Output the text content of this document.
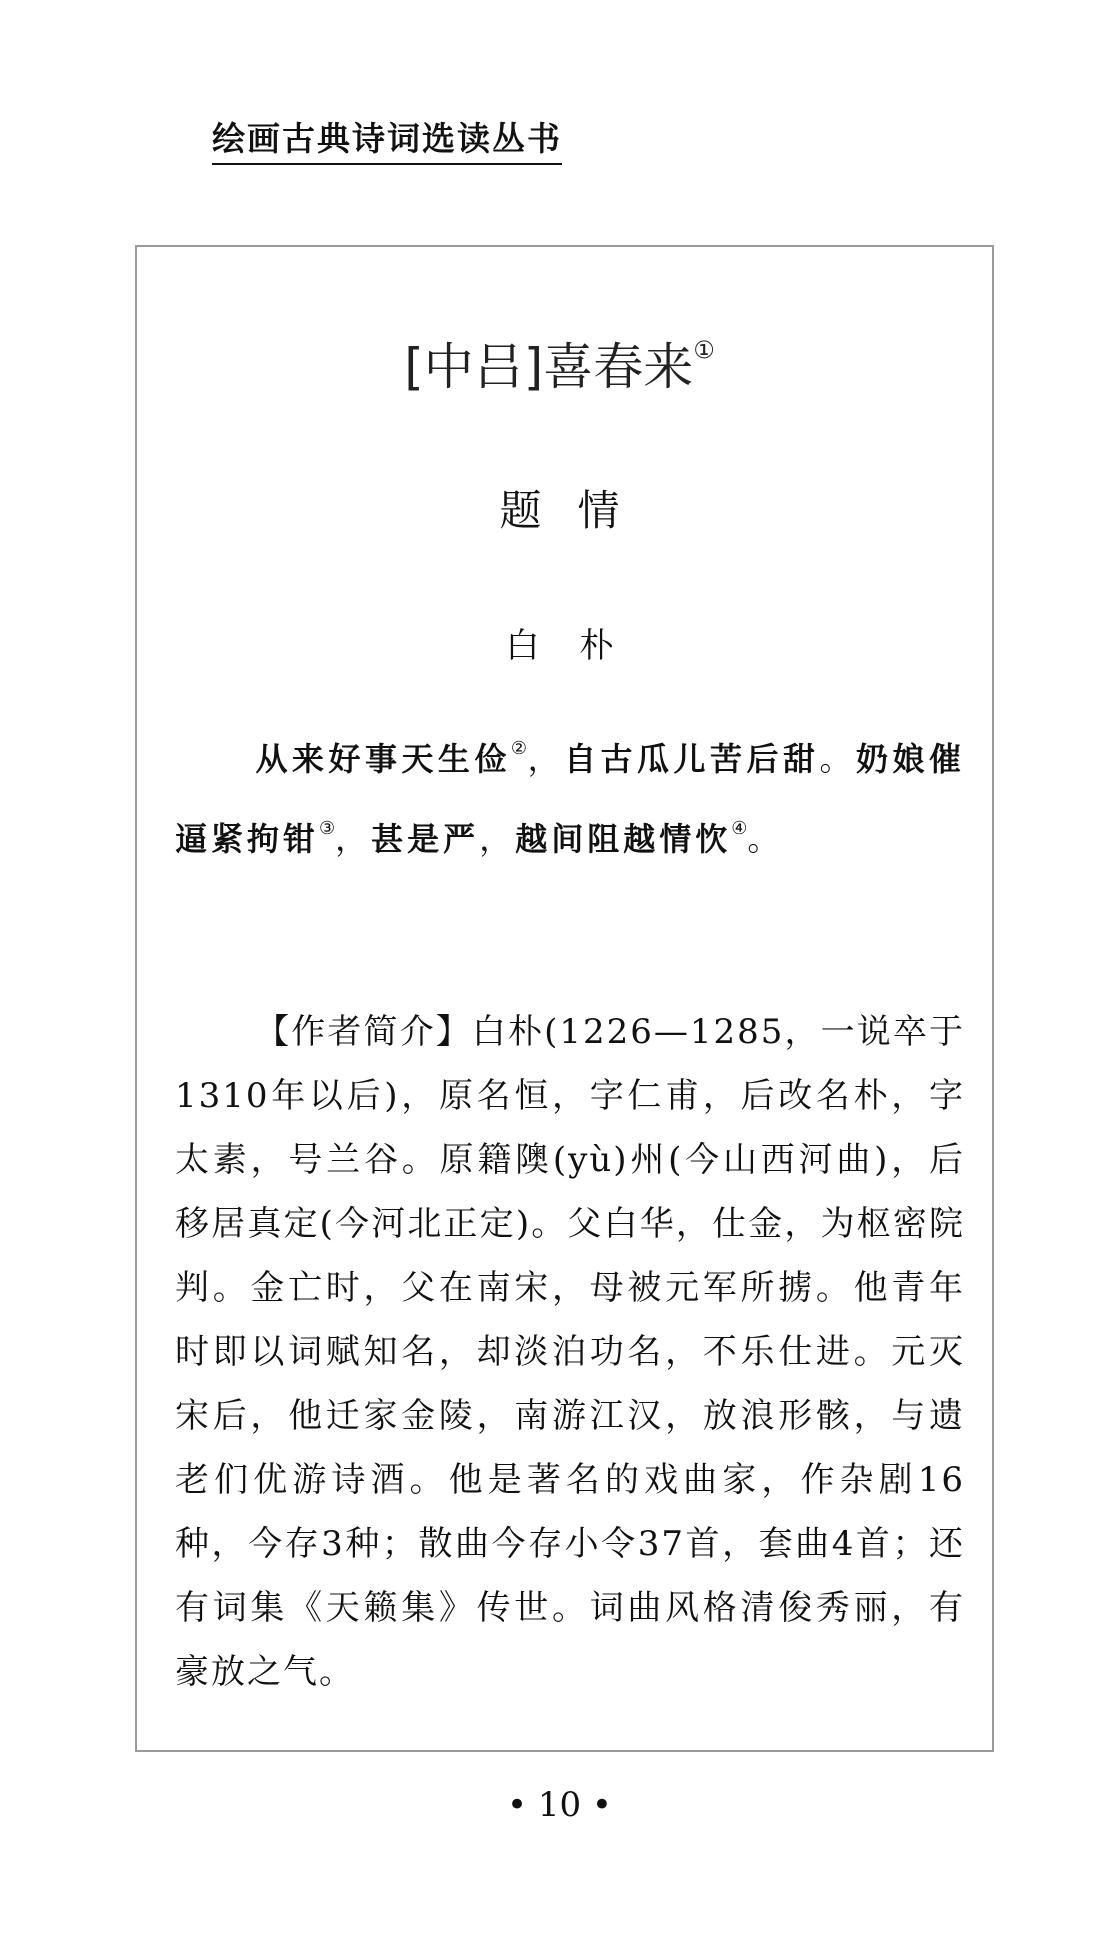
绘画古典诗词选读丛书
[中吕]喜春来①
题情
白朴
从来好事天生俭②，自古瓜儿苦后甜。奶娘催逼紧拘钳③，甚是严，越间阻越情忺④。
【作者简介】白朴(1226—1285，一说卒于1310年以后)，原名恒，字仁甫，后改名朴，字太素，号兰谷。原籍隩(yù)州(今山西河曲)，后移居真定(今河北正定)。父白华，仕金，为枢密院判。金亡时，父在南宋，母被元军所掳。他青年时即以词赋知名，却淡泊功名，不乐仕进。元灭宋后，他迁家金陵，南游江汉，放浪形骸，与遗老们优游诗酒。他是著名的戏曲家，作杂剧16种，今存3种；散曲今存小令37首，套曲4首；还有词集《天籁集》传世。词曲风格清俊秀丽，有豪放之气。
• 10 •
